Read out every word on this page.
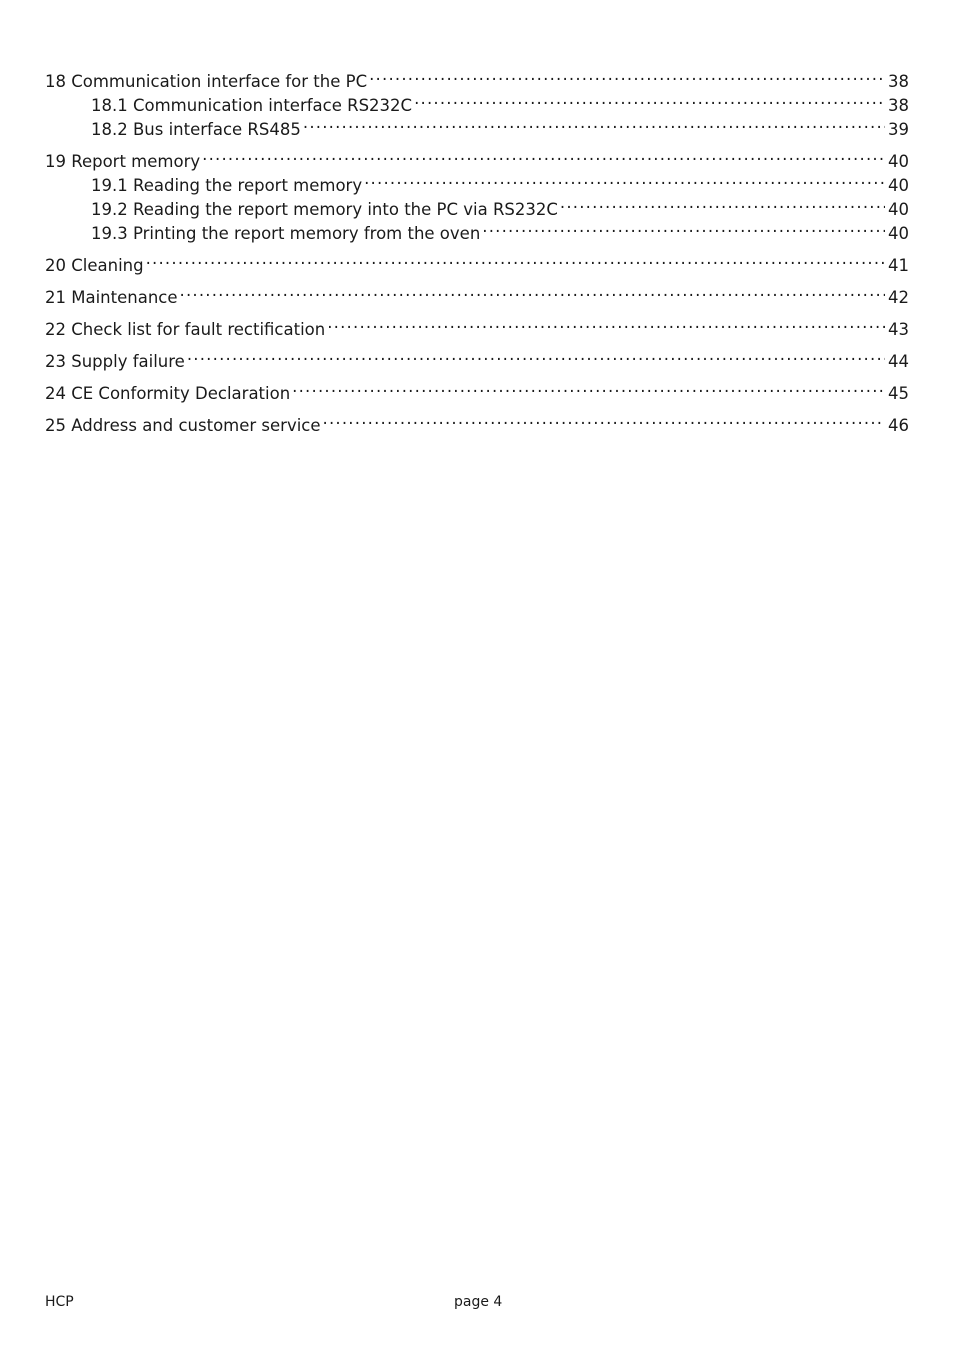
18 Communication interface for the PC .....	38
18.1 Communication interface RS232C .....	38
18.2 Bus interface RS485 .....	39
19 Report memory .....	40
19.1 Reading the report memory .....	40
19.2 Reading the report memory into the PC via RS232C .....	40
19.3 Printing the report memory from the oven .....	40
20 Cleaning .....	41
21 Maintenance .....	42
22 Check list for fault rectification .....	43
23 Supply failure .....	44
24 CE Conformity Declaration .....	45
25 Address and customer service .....	46
HCP	page 4
